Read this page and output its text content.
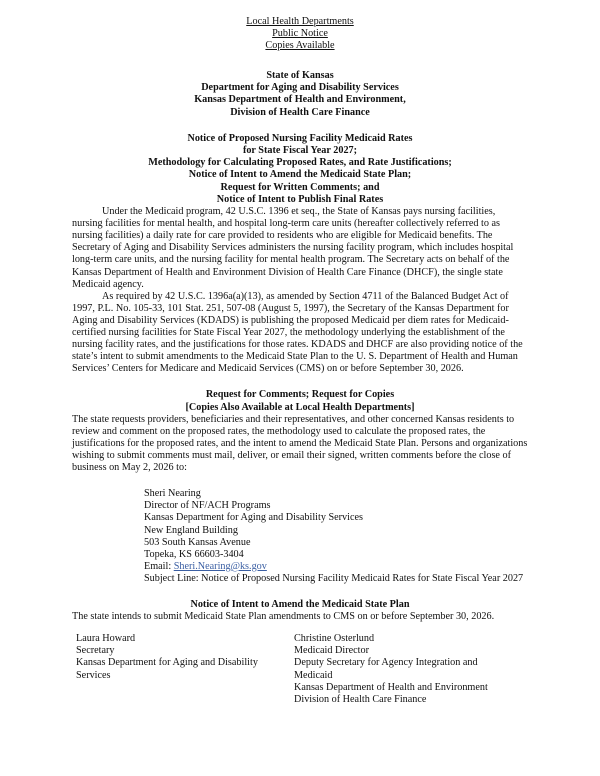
Local Health Departments
Public Notice
Copies Available
State of Kansas
Department for Aging and Disability Services
Kansas Department of Health and Environment,
Division of Health Care Finance
Notice of Proposed Nursing Facility Medicaid Rates
for State Fiscal Year 2027;
Methodology for Calculating Proposed Rates, and Rate Justifications;
Notice of Intent to Amend the Medicaid State Plan;
Request for Written Comments; and
Notice of Intent to Publish Final Rates

Under the Medicaid program, 42 U.S.C. 1396 et seq., the State of Kansas pays nursing facilities, nursing facilities for mental health, and hospital long-term care units (hereafter collectively referred to as nursing facilities) a daily rate for care provided to residents who are eligible for Medicaid benefits. The Secretary of Aging and Disability Services administers the nursing facility program, which includes hospital long-term care units, and the nursing facility for mental health program. The Secretary acts on behalf of the Kansas Department of Health and Environment Division of Health Care Finance (DHCF), the single state Medicaid agency.

As required by 42 U.S.C. 1396a(a)(13), as amended by Section 4711 of the Balanced Budget Act of 1997, P.L. No. 105-33, 101 Stat. 251, 507-08 (August 5, 1997), the Secretary of the Kansas Department for Aging and Disability Services (KDADS) is publishing the proposed Medicaid per diem rates for Medicaid-certified nursing facilities for State Fiscal Year 2027, the methodology underlying the establishment of the nursing facility rates, and the justifications for those rates. KDADS and DHCF are also providing notice of the state’s intent to submit amendments to the Medicaid State Plan to the U. S. Department of Health and Human Services’ Centers for Medicare and Medicaid Services (CMS) on or before September 30, 2026.

Request for Comments; Request for Copies
[Copies Also Available at Local Health Departments]

The state requests providers, beneficiaries and their representatives, and other concerned Kansas residents to review and comment on the proposed rates, the methodology used to calculate the proposed rates, the justifications for the proposed rates, and the intent to amend the Medicaid State Plan. Persons and organizations wishing to submit comments must mail, deliver, or email their signed, written comments before the close of business on May 2, 2026 to:

Sheri Nearing
Director of NF/ACH Programs
Kansas Department for Aging and Disability Services
New England Building
503 South Kansas Avenue
Topeka, KS 66603-3404
Email: Sheri.Nearing@ks.gov
Subject Line: Notice of Proposed Nursing Facility Medicaid Rates for State Fiscal Year 2027
Notice of Intent to Amend the Medicaid State Plan

The state intends to submit Medicaid State Plan amendments to CMS on or before September 30, 2026.

Laura Howard
Secretary
Kansas Department for Aging and Disability
Services
Christine Osterlund
Medicaid Director
Deputy Secretary for Agency Integration and
Medicaid
Kansas Department of Health and Environment
Division of Health Care Finance
